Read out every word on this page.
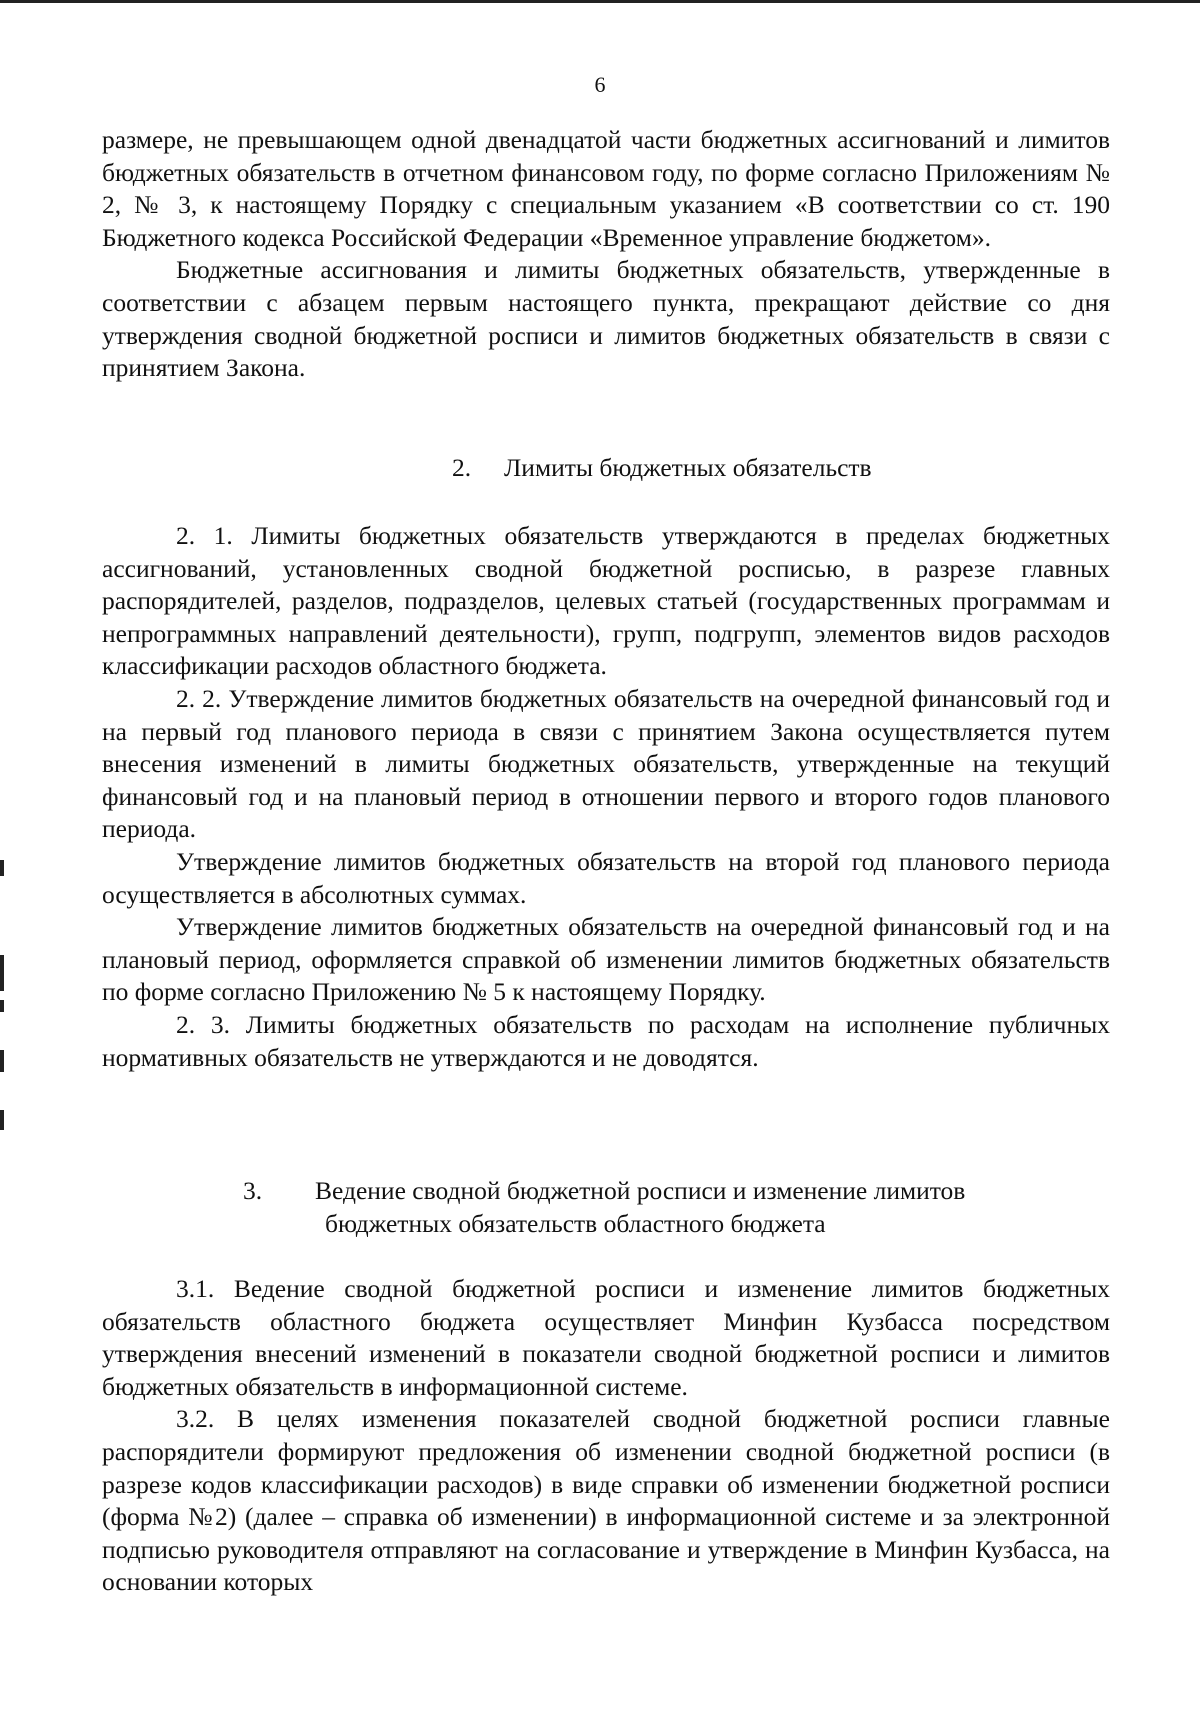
6

размере, не превышающем одной двенадцатой части бюджетных ассигнований и лимитов бюджетных обязательств в отчетном финансовом году, по форме согласно Приложениям № 2, № 3, к настоящему Порядку с специальным указанием «В соответствии со ст. 190 Бюджетного кодекса Российской Федерации «Временное управление бюджетом».

Бюджетные ассигнования и лимиты бюджетных обязательств, утвержденные в соответствии с абзацем первым настоящего пункта, прекращают действие со дня утверждения сводной бюджетной росписи и лимитов бюджетных обязательств в связи с принятием Закона.

2. Лимиты бюджетных обязательств

2. 1. Лимиты бюджетных обязательств утверждаются в пределах бюджетных ассигнований, установленных сводной бюджетной росписью, в разрезе главных распорядителей, разделов, подразделов, целевых статьей (государственных программам и непрограммных направлений деятельности), групп, подгрупп, элементов видов расходов классификации расходов областного бюджета.

2. 2. Утверждение лимитов бюджетных обязательств на очередной финансовый год и на первый год планового периода в связи с принятием Закона осуществляется путем внесения изменений в лимиты бюджетных обязательств, утвержденные на текущий финансовый год и на плановый период в отношении первого и второго годов планового периода.

Утверждение лимитов бюджетных обязательств на второй год планового периода осуществляется в абсолютных суммах.

Утверждение лимитов бюджетных обязательств на очередной финансовый год и на плановый период, оформляется справкой об изменении лимитов бюджетных обязательств по форме согласно Приложению № 5 к настоящему Порядку.

2. 3. Лимиты бюджетных обязательств по расходам на исполнение публичных нормативных обязательств не утверждаются и не доводятся.

3. Ведение сводной бюджетной росписи и изменение лимитов
бюджетных обязательств областного бюджета

3.1. Ведение сводной бюджетной росписи и изменение лимитов бюджетных обязательств областного бюджета осуществляет Минфин Кузбасса посредством утверждения внесений изменений в показатели сводной бюджетной росписи и лимитов бюджетных обязательств в информационной системе.

3.2. В целях изменения показателей сводной бюджетной росписи главные распорядители формируют предложения об изменении сводной бюджетной росписи (в разрезе кодов классификации расходов) в виде справки об изменении бюджетной росписи (форма №2) (далее – справка об изменении) в информационной системе и за электронной подписью руководителя отправляют на согласование и утверждение в Минфин Кузбасса, на основании которых
